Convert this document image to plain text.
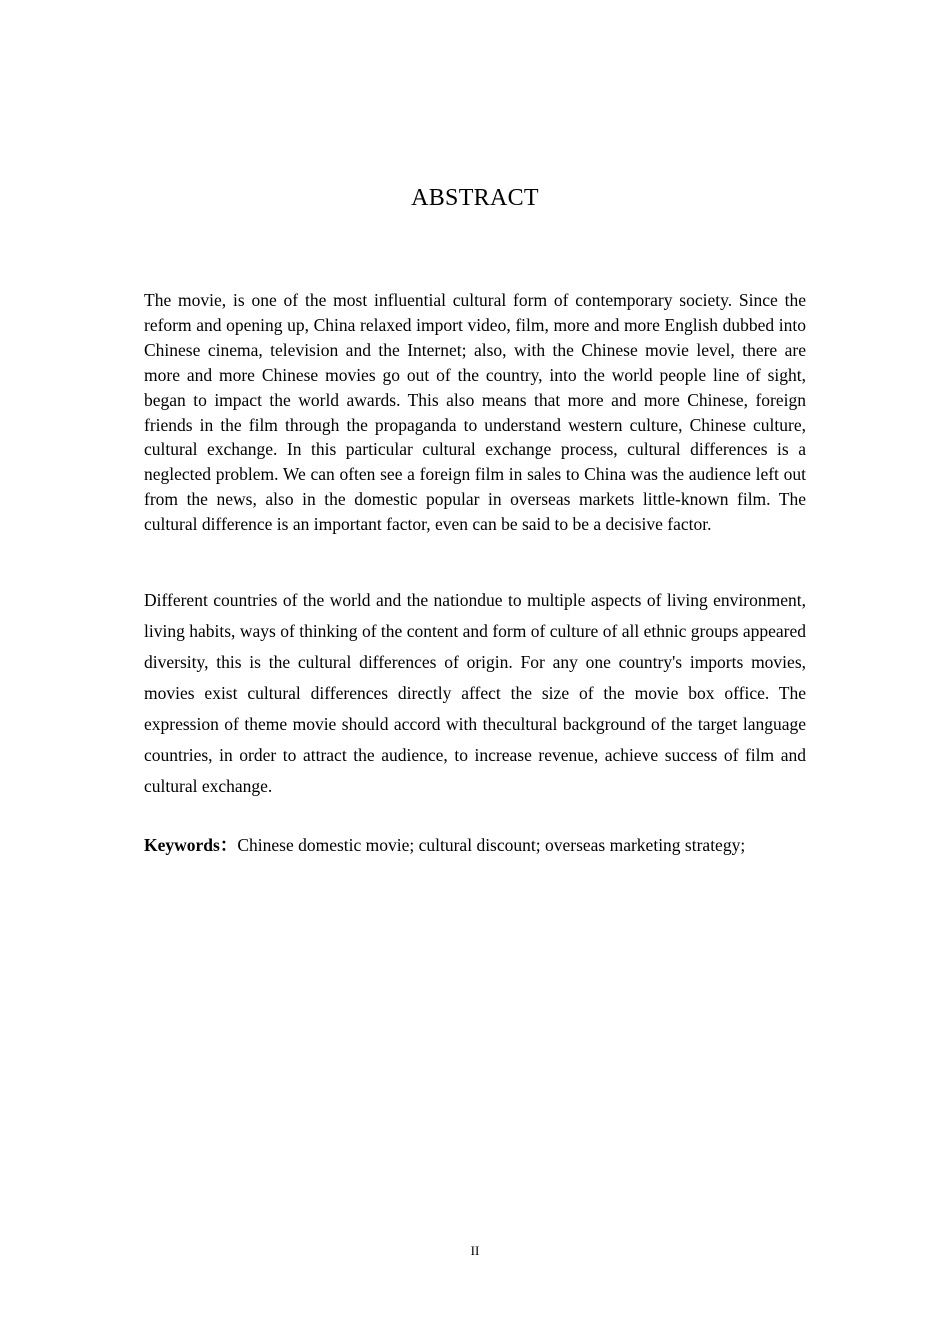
ABSTRACT

The movie, is one of the most influential cultural form of contemporary society. Since the reform and opening up, China relaxed import video, film, more and more English dubbed into Chinese cinema, television and the Internet; also, with the Chinese movie level, there are more and more Chinese movies go out of the country, into the world people line of sight, began to impact the world awards. This also means that more and more Chinese, foreign friends in the film through the propaganda to understand western culture, Chinese culture, cultural exchange. In this particular cultural exchange process, cultural differences is a neglected problem. We can often see a foreign film in sales to China was the audience left out from the news, also in the domestic popular in overseas markets little-known film. The cultural difference is an important factor, even can be said to be a decisive factor.

Different countries of the world and the nationdue to multiple aspects of living environment, living habits, ways of thinking of the content and form of culture of all ethnic groups appeared diversity, this is the cultural differences of origin. For any one country's imports movies, movies exist cultural differences directly affect the size of the movie box office. The expression of theme movie should accord with thecultural background of the target language countries, in order to attract the audience, to increase revenue, achieve success of film and cultural exchange.

Keywords：Chinese domestic movie; cultural discount; overseas marketing strategy;
II
